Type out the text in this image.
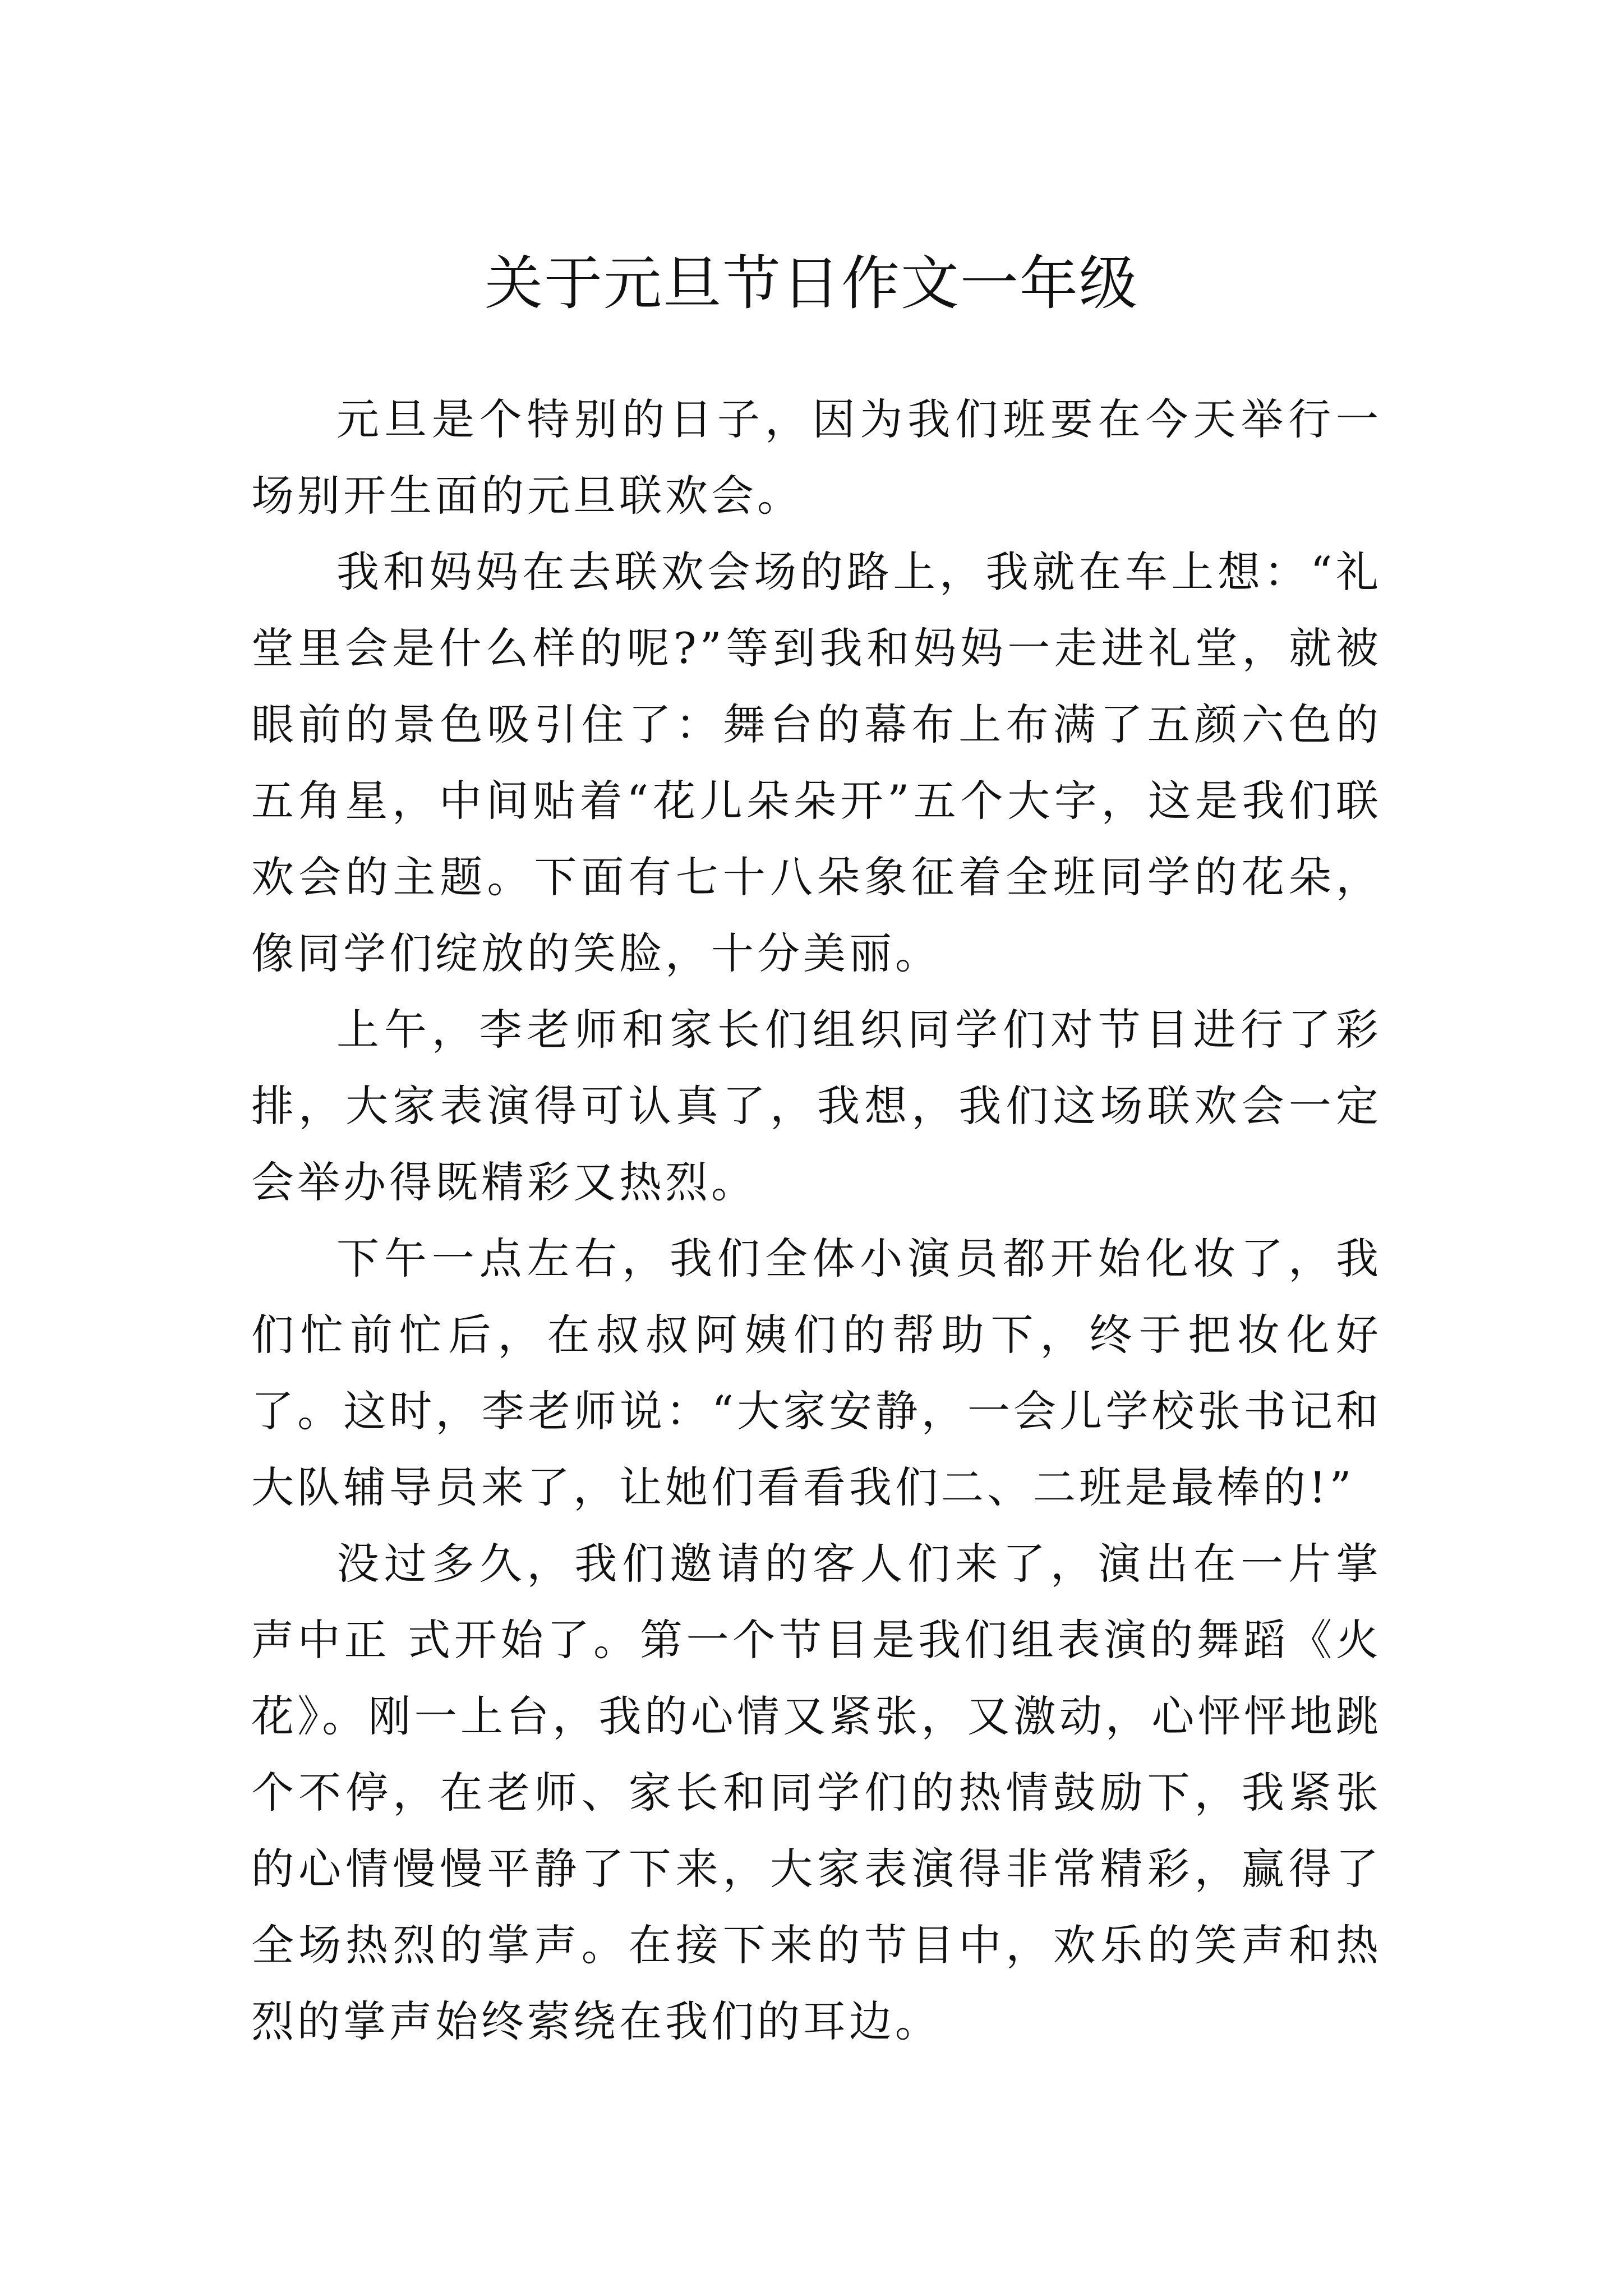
关于元旦节日作文一年级

元旦是个特别的日子，因为我们班要在今天举行一场别开生面的元旦联欢会。

我和妈妈在去联欢会场的路上，我就在车上想：“礼堂里会是什么样的呢?”等到我和妈妈一走进礼堂，就被眼前的景色吸引住了：舞台的幕布上布满了五颜六色的五角星，中间贴着“花儿朵朵开”五个大字，这是我们联欢会的主题。下面有七十八朵象征着全班同学的花朵，像同学们绽放的笑脸，十分美丽。

上午，李老师和家长们组织同学们对节目进行了彩排，大家表演得可认真了，我想，我们这场联欢会一定会举办得既精彩又热烈。

下午一点左右，我们全体小演员都开始化妆了，我们忙前忙后，在叔叔阿姨们的帮助下，终于把妆化好了。这时，李老师说：“大家安静，一会儿学校张书记和大队辅导员来了，让她们看看我们二、二班是最棒的!”

没过多久，我们邀请的客人们来了，演出在一片掌声中正 式开始了。第一个节目是我们组表演的舞蹈《火花》。刚一上台，我的心情又紧张，又激动，心怦怦地跳个不停，在老师、家长和同学们的热情鼓励下，我紧张的心情慢慢平静了下来，大家表演得非常精彩，赢得了全场热烈的掌声。在接下来的节目中，欢乐的笑声和热烈的掌声始终萦绕在我们的耳边。
